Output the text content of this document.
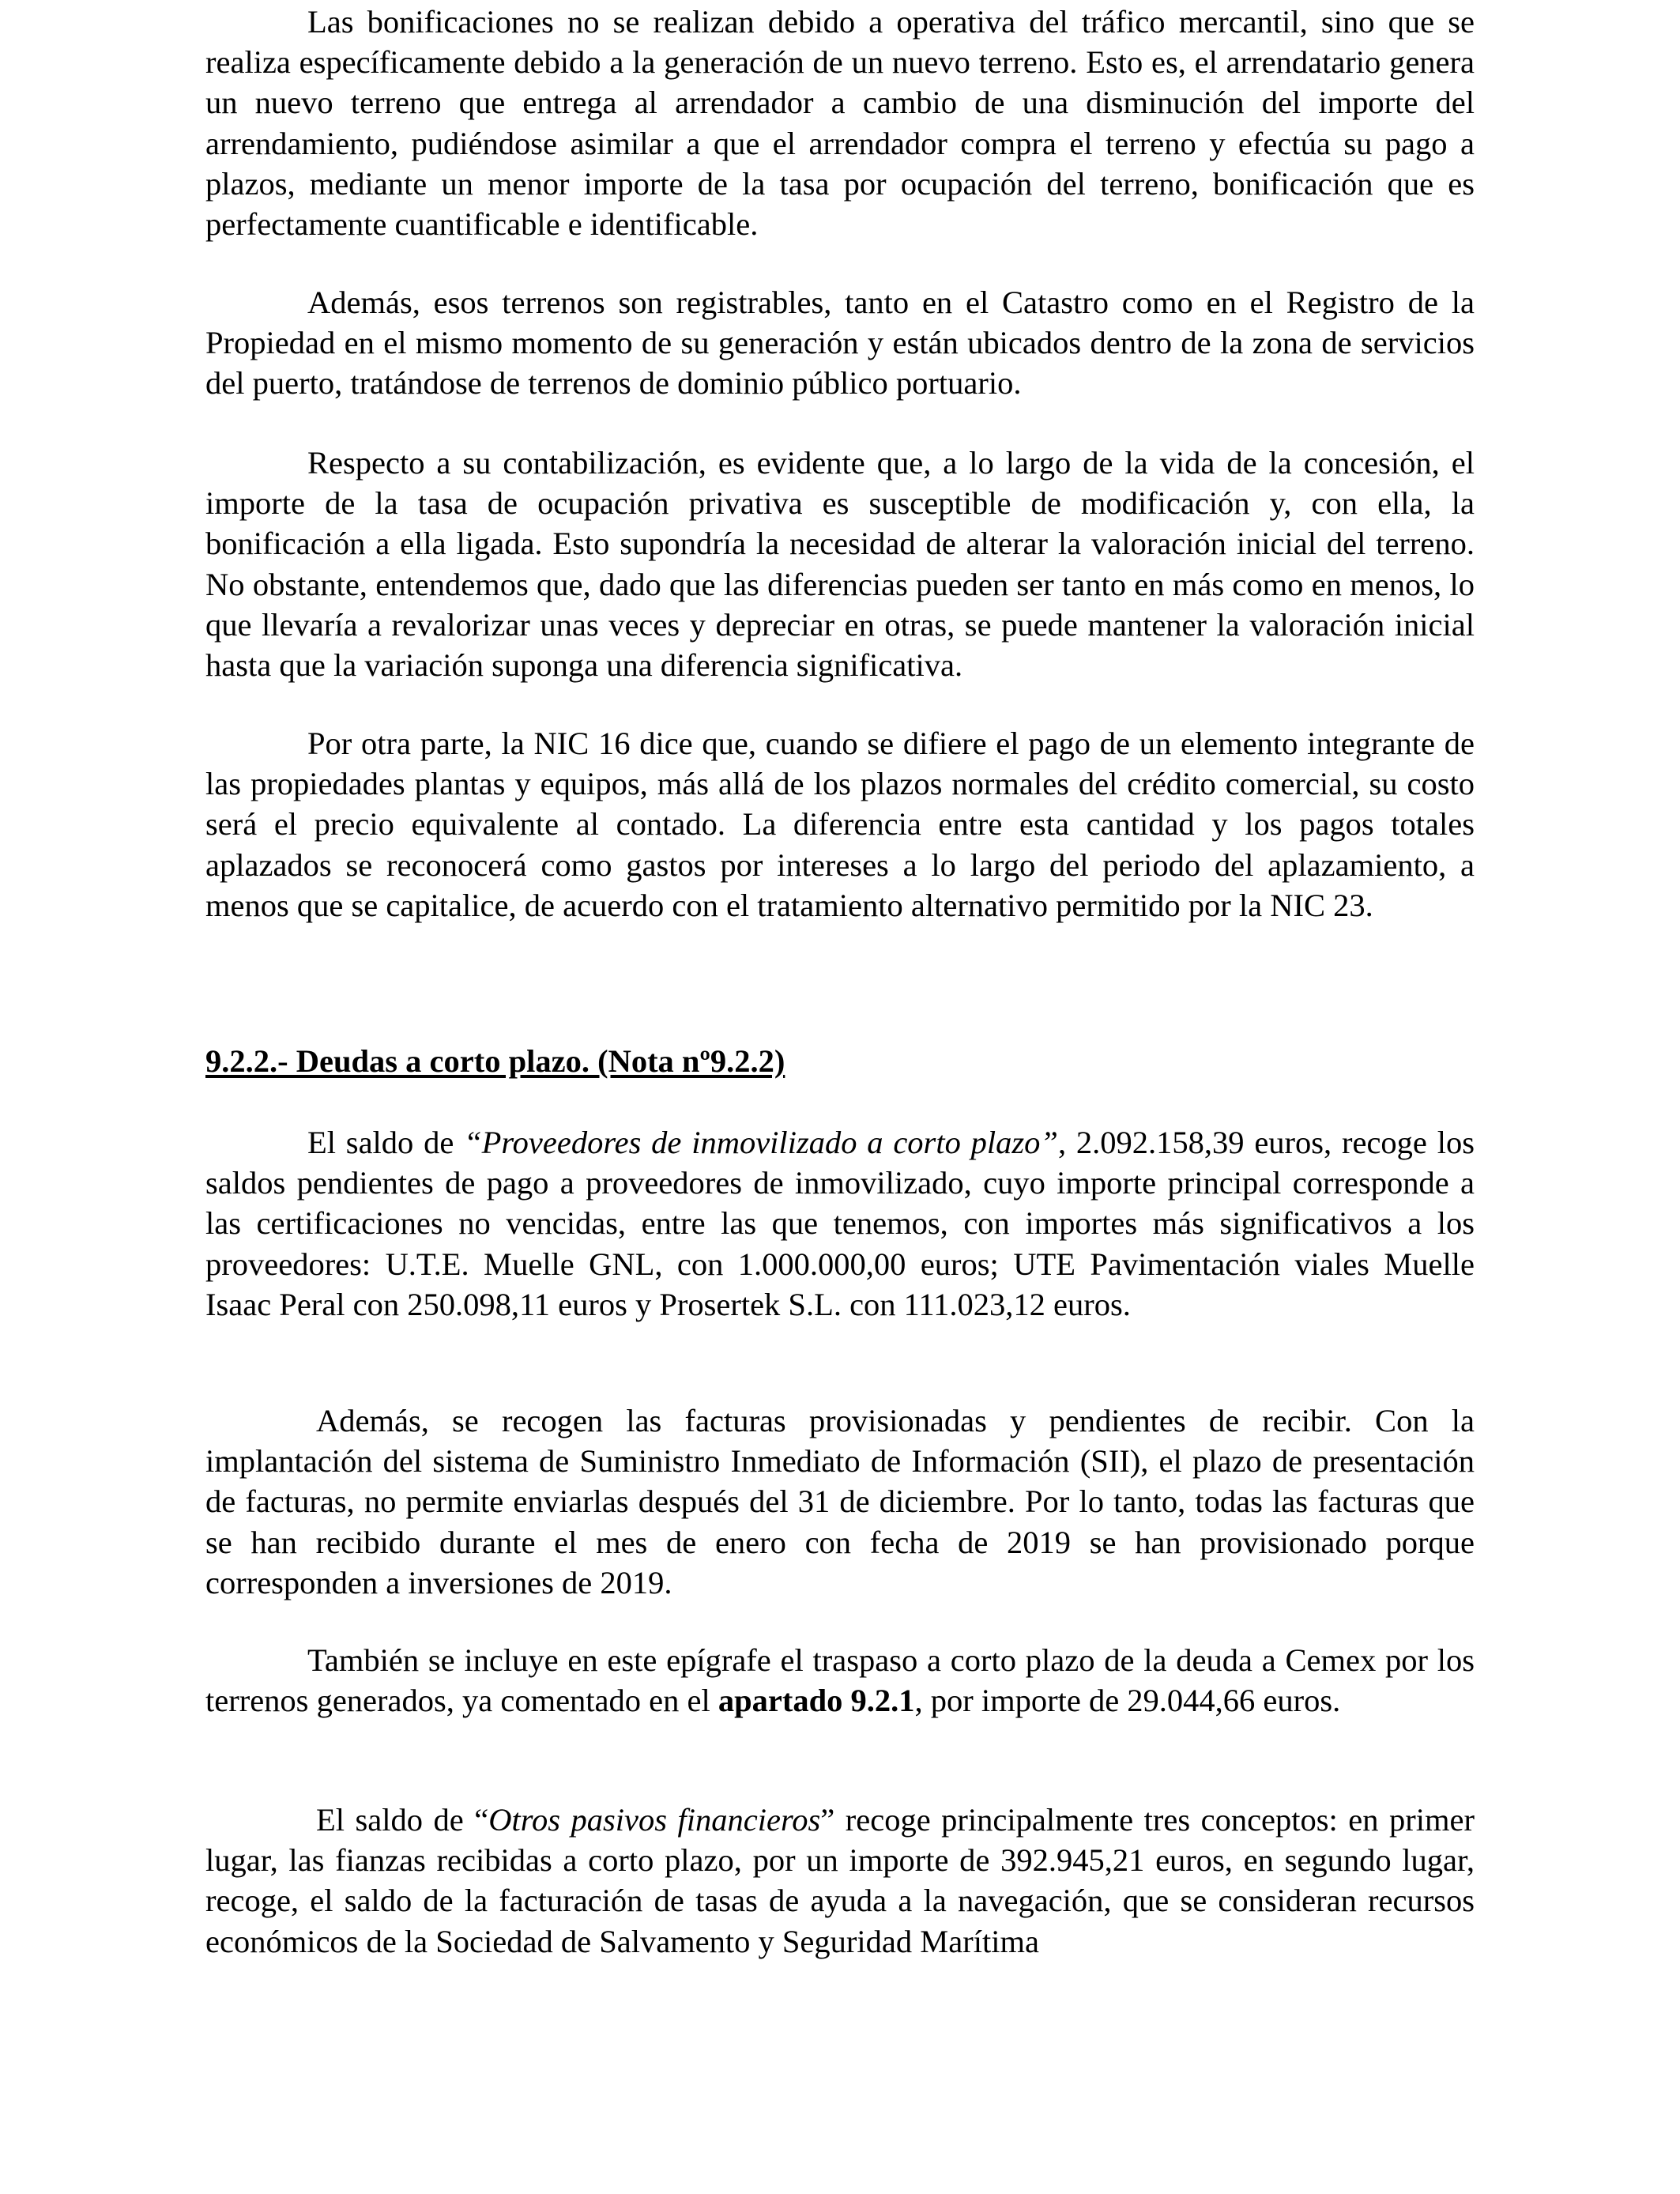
Las bonificaciones no se realizan debido a operativa del tráfico mercantil, sino que se realiza específicamente debido a la generación de un nuevo terreno. Esto es, el arrendatario genera un nuevo terreno que entrega al arrendador a cambio de una disminución del importe del arrendamiento, pudiéndose asimilar a que el arrendador compra el terreno y efectúa su pago a plazos, mediante un menor importe de la tasa por ocupación del terreno, bonificación que es perfectamente cuantificable e identificable.

Además, esos terrenos son registrables, tanto en el Catastro como en el Registro de la Propiedad en el mismo momento de su generación y están ubicados dentro de la zona de servicios del puerto, tratándose de terrenos de dominio público portuario.

Respecto a su contabilización, es evidente que, a lo largo de la vida de la concesión, el importe de la tasa de ocupación privativa es susceptible de modificación y, con ella, la bonificación a ella ligada. Esto supondría la necesidad de alterar la valoración inicial del terreno. No obstante, entendemos que, dado que las diferencias pueden ser tanto en más como en menos, lo que llevaría a revalorizar unas veces y depreciar en otras, se puede mantener la valoración inicial hasta que la variación suponga una diferencia significativa.

Por otra parte, la NIC 16 dice que, cuando se difiere el pago de un elemento integrante de las propiedades plantas y equipos, más allá de los plazos normales del crédito comercial, su costo será el precio equivalente al contado. La diferencia entre esta cantidad y los pagos totales aplazados se reconocerá como gastos por intereses a lo largo del periodo del aplazamiento, a menos que se capitalice, de acuerdo con el tratamiento alternativo permitido por la NIC 23.

9.2.2.- Deudas a corto plazo. (Nota nº9.2.2)

El saldo de “Proveedores de inmovilizado a corto plazo”, 2.092.158,39 euros, recoge los saldos pendientes de pago a proveedores de inmovilizado, cuyo importe principal corresponde a las certificaciones no vencidas, entre las que tenemos, con importes más significativos a los proveedores: U.T.E. Muelle GNL, con 1.000.000,00 euros; UTE Pavimentación viales Muelle Isaac Peral con 250.098,11 euros y Prosertek S.L. con 111.023,12 euros.

Además, se recogen las facturas provisionadas y pendientes de recibir. Con la implantación del sistema de Suministro Inmediato de Información (SII), el plazo de presentación de facturas, no permite enviarlas después del 31 de diciembre. Por lo tanto, todas las facturas que se han recibido durante el mes de enero con fecha de 2019 se han provisionado porque corresponden a inversiones de 2019.

También se incluye en este epígrafe el traspaso a corto plazo de la deuda a Cemex por los terrenos generados, ya comentado en el apartado 9.2.1, por importe de 29.044,66 euros.

El saldo de “Otros pasivos financieros” recoge principalmente tres conceptos: en primer lugar, las fianzas recibidas a corto plazo, por un importe de 392.945,21 euros, en segundo lugar, recoge, el saldo de la facturación de tasas de ayuda a la navegación, que se consideran recursos económicos de la Sociedad de Salvamento y Seguridad Marítima
